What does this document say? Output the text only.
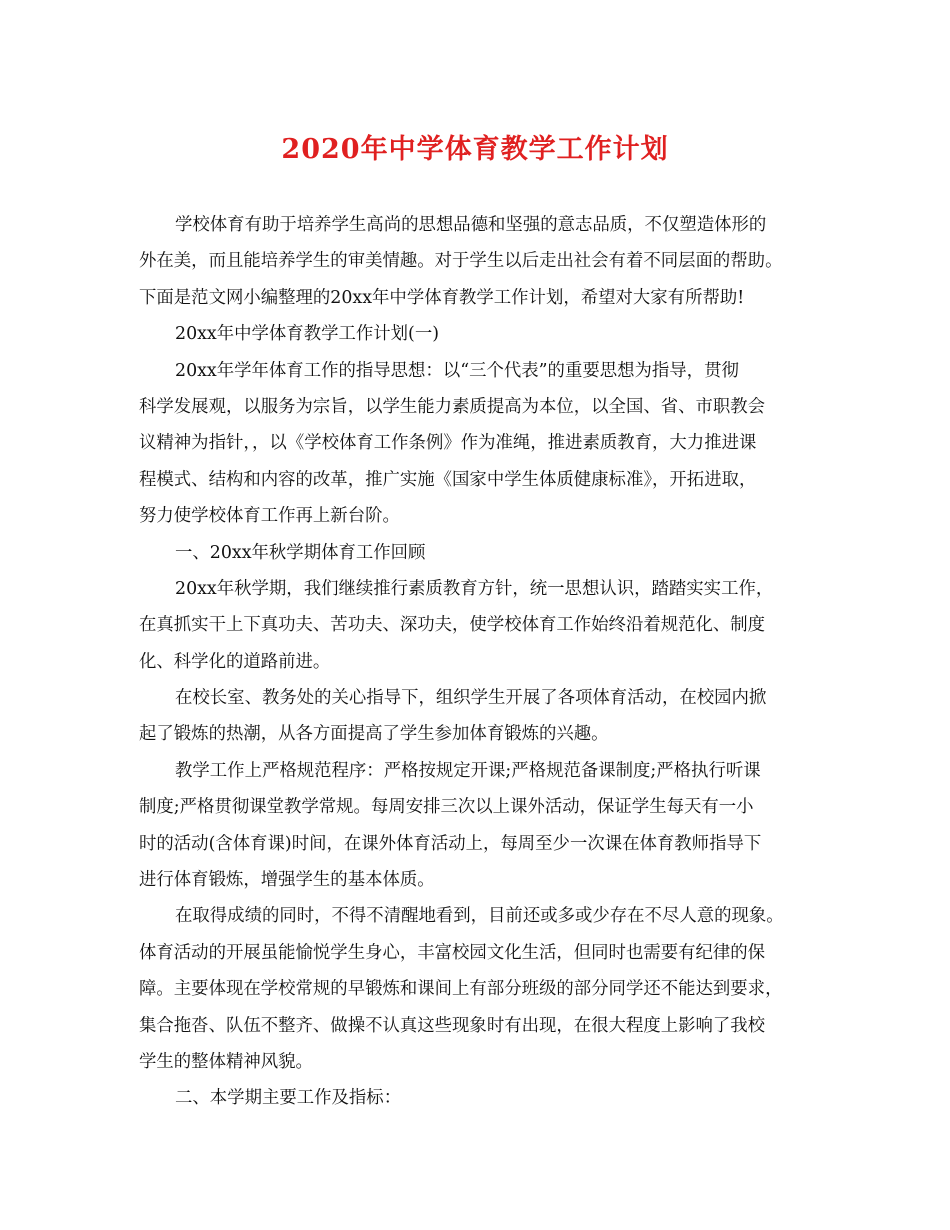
2020年中学体育教学工作计划
学校体育有助于培养学生高尚的思想品德和坚强的意志品质，不仅塑造体形的
外在美，而且能培养学生的审美情趣。对于学生以后走出社会有着不同层面的帮助。
下面是范文网小编整理的20xx年中学体育教学工作计划，希望对大家有所帮助!
20xx年中学体育教学工作计划(一)
20xx年学年体育工作的指导思想：以“三个代表”的重要思想为指导，贯彻
科学发展观，以服务为宗旨，以学生能力素质提高为本位，以全国、省、市职教会
议精神为指针，，以《学校体育工作条例》作为准绳，推进素质教育，大力推进课
程模式、结构和内容的改革，推广实施《国家中学生体质健康标准》，开拓进取，
努力使学校体育工作再上新台阶。
一、20xx年秋学期体育工作回顾
20xx年秋学期，我们继续推行素质教育方针，统一思想认识，踏踏实实工作，
在真抓实干上下真功夫、苦功夫、深功夫，使学校体育工作始终沿着规范化、制度
化、科学化的道路前进。
在校长室、教务处的关心指导下，组织学生开展了各项体育活动，在校园内掀
起了锻炼的热潮，从各方面提高了学生参加体育锻炼的兴趣。
教学工作上严格规范程序：严格按规定开课;严格规范备课制度;严格执行听课
制度;严格贯彻课堂教学常规。每周安排三次以上课外活动，保证学生每天有一小
时的活动(含体育课)时间，在课外体育活动上，每周至少一次课在体育教师指导下
进行体育锻炼，增强学生的基本体质。
在取得成绩的同时，不得不清醒地看到，目前还或多或少存在不尽人意的现象。
体育活动的开展虽能愉悦学生身心，丰富校园文化生活，但同时也需要有纪律的保
障。主要体现在学校常规的早锻炼和课间上有部分班级的部分同学还不能达到要求，
集合拖沓、队伍不整齐、做操不认真这些现象时有出现，在很大程度上影响了我校
学生的整体精神风貌。
二、本学期主要工作及指标：
